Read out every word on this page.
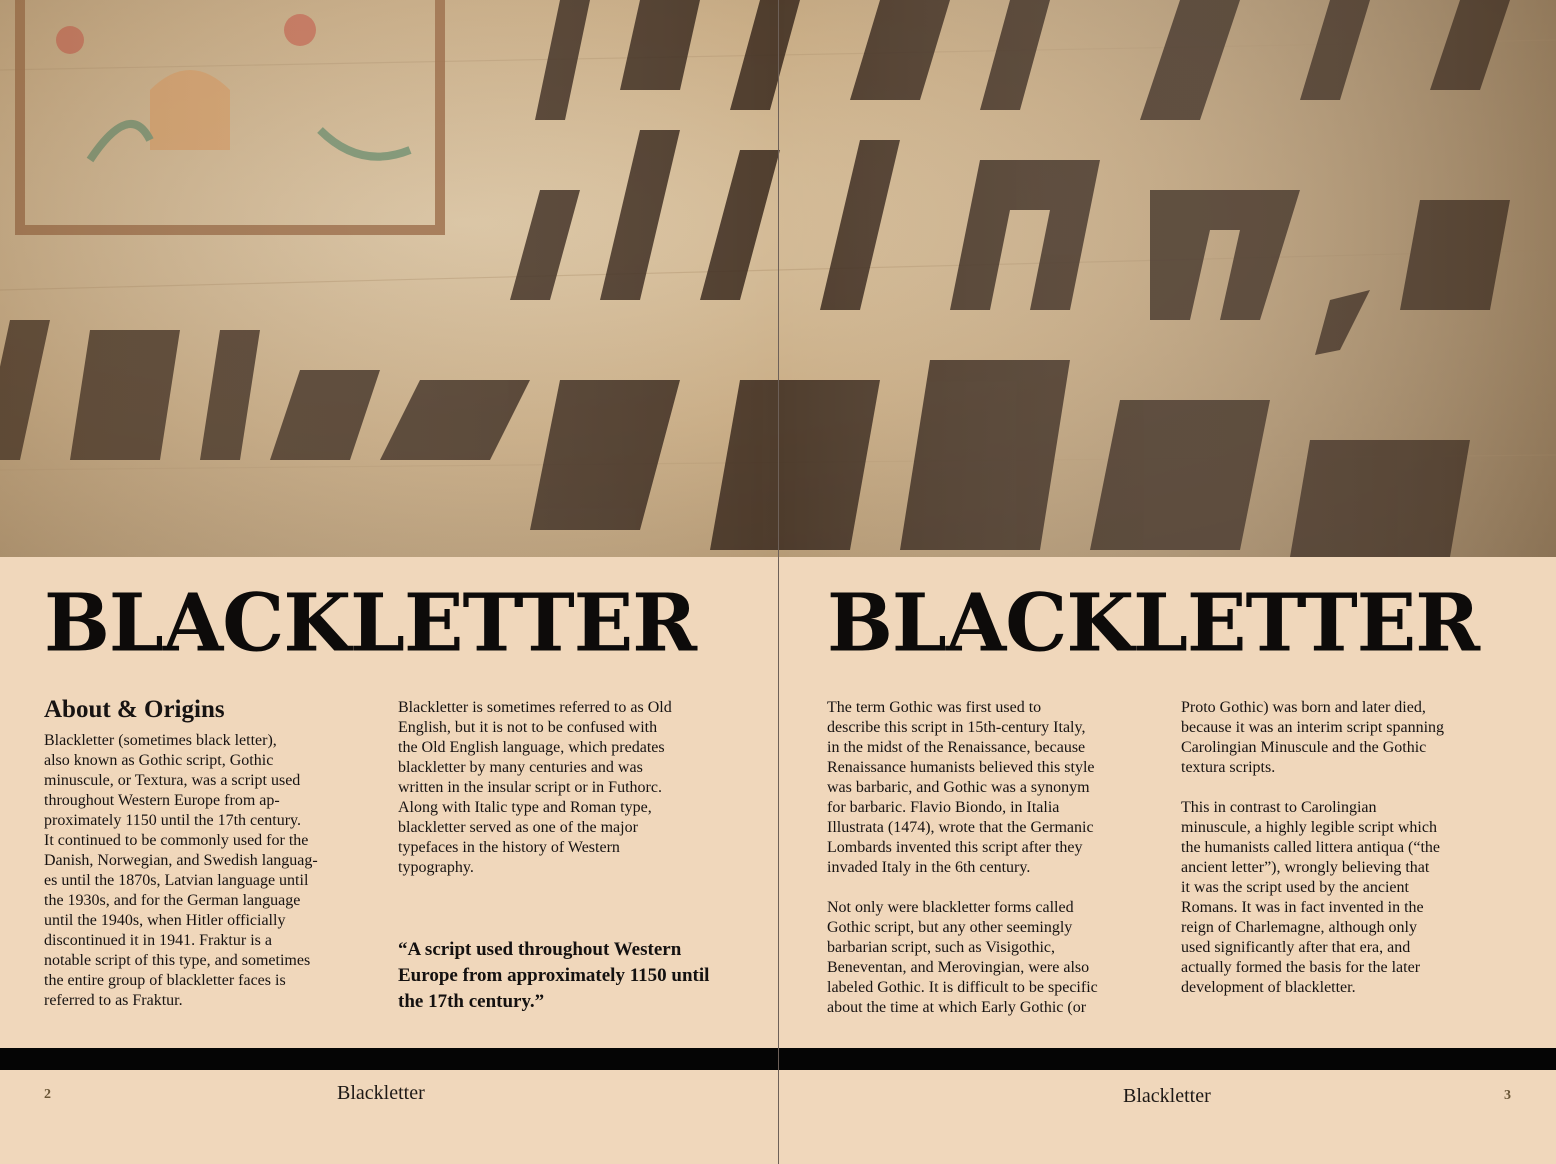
BLACKLETTER
About & Origins

Blackletter (sometimes black letter),
also known as Gothic script, Gothic
minuscule, or Textura, was a script used
throughout Western Europe from ap-
proximately 1150 until the 17th century.
It continued to be commonly used for the
Danish, Norwegian, and Swedish languag-
es until the 1870s, Latvian language until
the 1930s, and for the German language
until the 1940s, when Hitler officially
discontinued it in 1941. Fraktur is a
notable script of this type, and sometimes
the entire group of blackletter faces is
referred to as Fraktur.

Blackletter is sometimes referred to as Old
English, but it is not to be confused with
the Old English language, which predates
blackletter by many centuries and was
written in the insular script or in Futhorc.
Along with Italic type and Roman type,
blackletter served as one of the major
typefaces in the history of Western
typography.

“A script used throughout Western
Europe from approximately 1150 until
the 17th century.”
BLACKLETTER

The term Gothic was first used to
describe this script in 15th-century Italy,
in the midst of the Renaissance, because
Renaissance humanists believed this style
was barbaric, and Gothic was a synonym
for barbaric. Flavio Biondo, in Italia
Illustrata (1474), wrote that the Germanic
Lombards invented this script after they
invaded Italy in the 6th century.

Not only were blackletter forms called
Gothic script, but any other seemingly
barbarian script, such as Visigothic,
Beneventan, and Merovingian, were also
labeled Gothic. It is difficult to be specific
about the time at which Early Gothic (or

Proto Gothic) was born and later died,
because it was an interim script spanning
Carolingian Minuscule and the Gothic
textura scripts.

This in contrast to Carolingian
minuscule, a highly legible script which
the humanists called littera antiqua (“the
ancient letter”), wrongly believing that
it was the script used by the ancient
Romans. It was in fact invented in the
reign of Charlemagne, although only
used significantly after that era, and
actually formed the basis for the later
development of blackletter.

2	Blackletter	Blackletter	3
